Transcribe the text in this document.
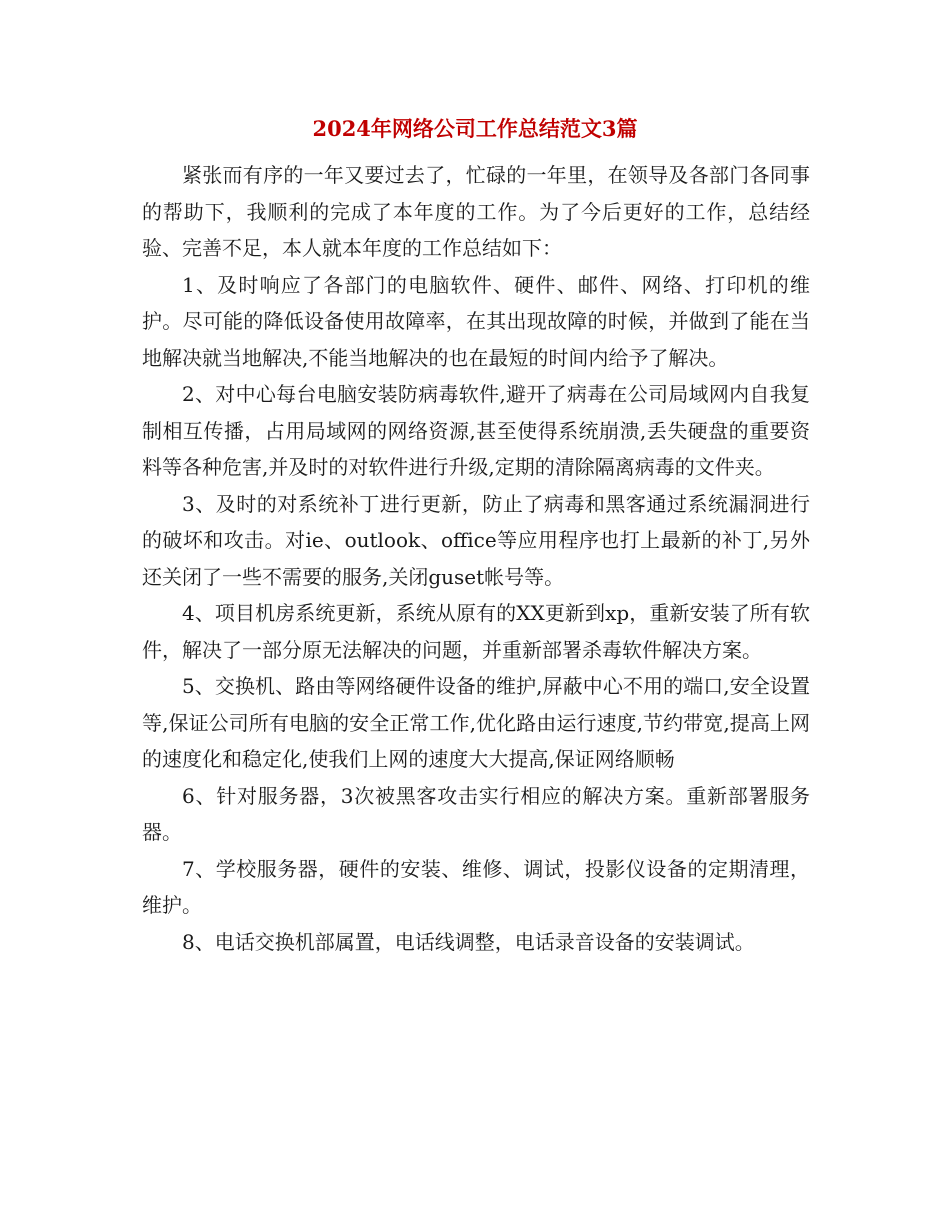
2024年网络公司工作总结范文3篇

紧张而有序的一年又要过去了，忙碌的一年里，在领导及各部门各同事的帮助下，我顺利的完成了本年度的工作。为了今后更好的工作，总结经验、完善不足，本人就本年度的工作总结如下：

1、及时响应了各部门的电脑软件、硬件、邮件、网络、打印机的维护。尽可能的降低设备使用故障率，在其出现故障的时候，并做到了能在当地解决就当地解决,不能当地解决的也在最短的时间内给予了解决。

2、对中心每台电脑安装防病毒软件,避开了病毒在公司局域网内自我复制相互传播，占用局域网的网络资源,甚至使得系统崩溃,丢失硬盘的重要资料等各种危害,并及时的对软件进行升级,定期的清除隔离病毒的文件夹。

3、及时的对系统补丁进行更新，防止了病毒和黑客通过系统漏洞进行的破坏和攻击。对ie、outlook、office等应用程序也打上最新的补丁,另外还关闭了一些不需要的服务,关闭guset帐号等。

4、项目机房系统更新，系统从原有的XX更新到xp，重新安装了所有软件，解决了一部分原无法解决的问题，并重新部署杀毒软件解决方案。

5、交换机、路由等网络硬件设备的维护,屏蔽中心不用的端口,安全设置等,保证公司所有电脑的安全正常工作,优化路由运行速度,节约带宽,提高上网的速度化和稳定化,使我们上网的速度大大提高,保证网络顺畅

6、针对服务器，3次被黑客攻击实行相应的解决方案。重新部署服务器。

7、学校服务器，硬件的安装、维修、调试，投影仪设备的定期清理，维护。

8、电话交换机部属置，电话线调整，电话录音设备的安装调试。
